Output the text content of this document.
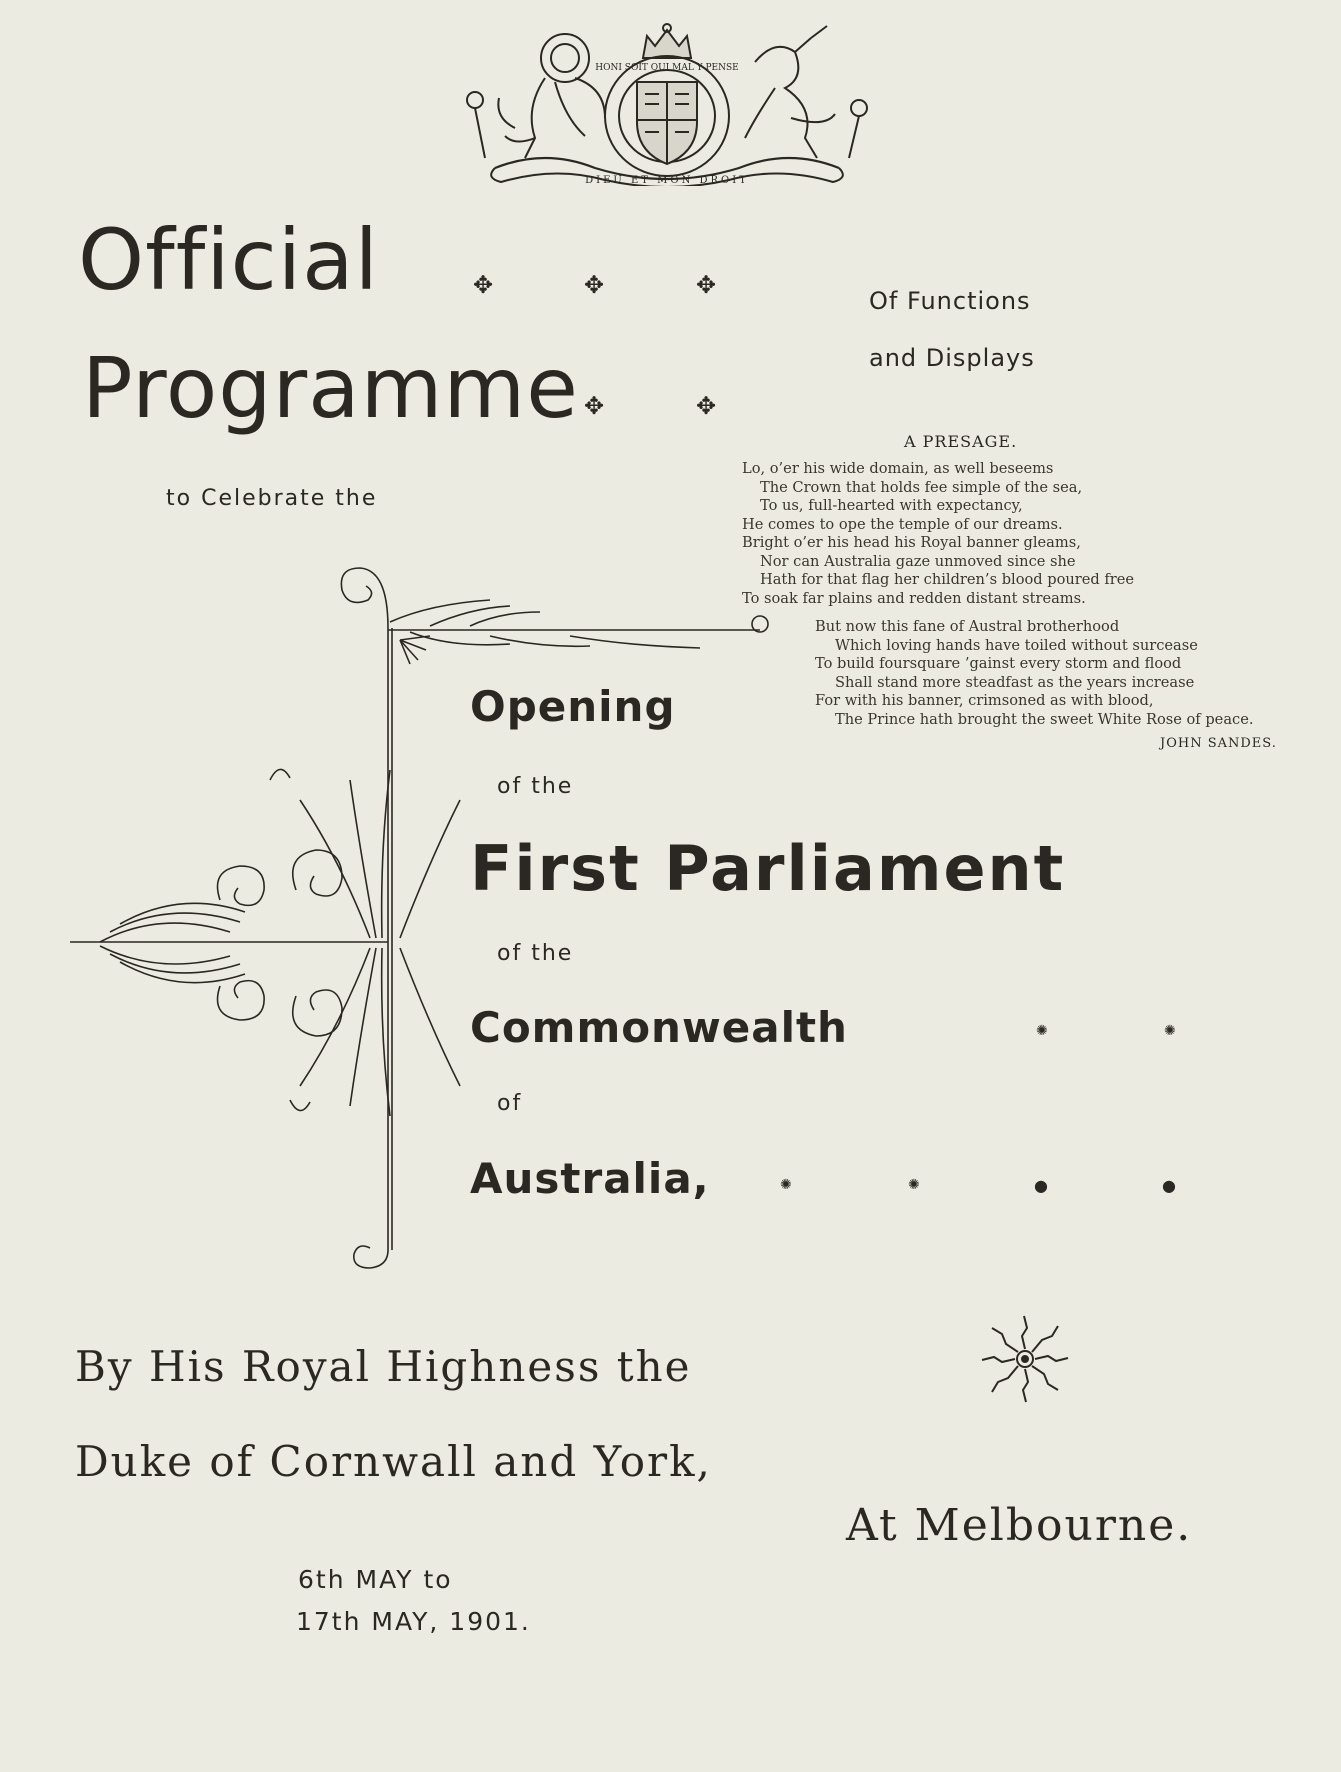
HONI SOIT QUI MAL Y PENSE
DIEU ET MON DROIT
Official
Programme
Of Functions
and Displays
to Celebrate the
✥	✥	✥
✥	✥
A PRESAGE.
Lo, o’er his wide domain, as well beseems
The Crown that holds fee simple of the sea,
To us, full-hearted with expectancy,
He comes to ope the temple of our dreams.
Bright o’er his head his Royal banner gleams,
Nor can Australia gaze unmoved since she
Hath for that flag her children’s blood poured free
To soak far plains and redden distant streams.
But now this fane of Austral brotherhood
Which loving hands have toiled without surcease
To build foursquare ’gainst every storm and flood
Shall stand more steadfast as the years increase
For with his banner, crimsoned as with blood,
The Prince hath brought the sweet White Rose of peace.
JOHN SANDES.
Opening
of the
First Parliament
of the
Commonwealth
of
Australia,
✺	✺
✺	✺	●	●
By His Royal Highness the
Duke of Cornwall and York,
At Melbourne.
6th MAY to
17th MAY, 1901.
